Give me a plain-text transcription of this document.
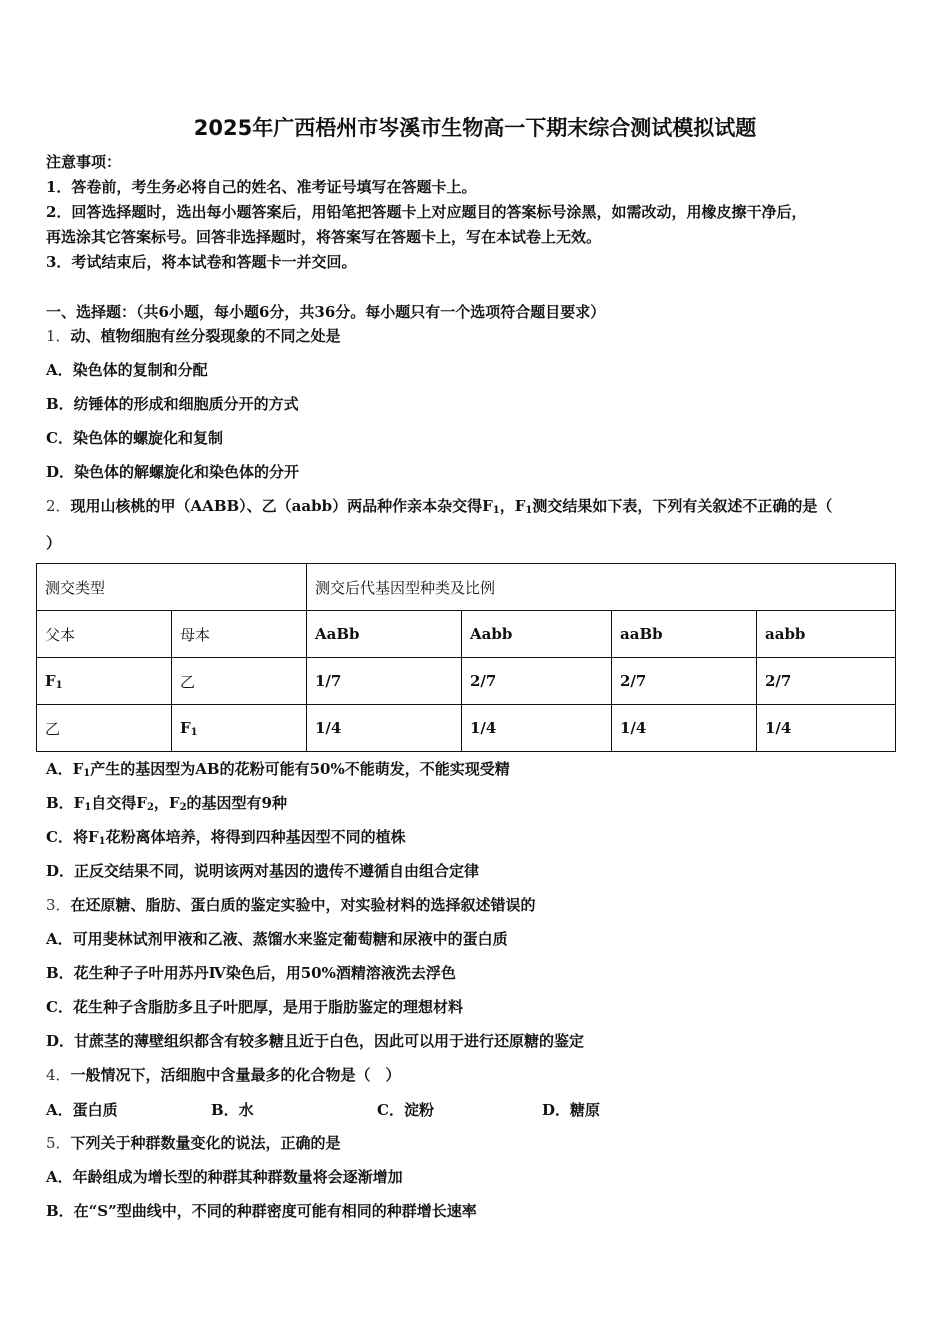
2025年广西梧州市岑溪市生物高一下期末综合测试模拟试题
注意事项：
1．答卷前，考生务必将自己的姓名、准考证号填写在答题卡上。
2．回答选择题时，选出每小题答案后，用铅笔把答题卡上对应题目的答案标号涂黑，如需改动，用橡皮擦干净后，
再选涂其它答案标号。回答非选择题时，将答案写在答题卡上，写在本试卷上无效。
3．考试结束后，将本试卷和答题卡一并交回。
一、选择题：（共6小题，每小题6分，共36分。每小题只有一个选项符合题目要求）
1．动、植物细胞有丝分裂现象的不同之处是
A．染色体的复制和分配
B．纺锤体的形成和细胞质分开的方式
C．染色体的螺旋化和复制
D．染色体的解螺旋化和染色体的分开
2．现用山核桃的甲（AABB）、乙（aabb）两品种作亲本杂交得$F_1$，$F_1$测交结果如下表，下列有关叙述不正确的是（
）
测交类型		测交后代基因型种类及比例			
父本	母本	AaBb	Aabb	aaBb	aabb
$F_1$	乙	1/7	2/7	2/7	2/7
乙	$F_1$	1/4	1/4	1/4	1/4
A．$F_1$产生的基因型为AB的花粉可能有50%不能萌发，不能实现受精
B．$F_1$自交得$F_2$，$F_2$的基因型有9种
C．将$F_1$花粉离体培养，将得到四种基因型不同的植株
D．正反交结果不同，说明该两对基因的遗传不遵循自由组合定律
3．在还原糖、脂肪、蛋白质的鉴定实验中，对实验材料的选择叙述错误的
A．可用斐林试剂甲液和乙液、蒸馏水来鉴定葡萄糖和尿液中的蛋白质
B．花生种子子叶用苏丹Ⅳ染色后，用50%酒精溶液洗去浮色
C．花生种子含脂肪多且子叶肥厚，是用于脂肪鉴定的理想材料
D．甘蔗茎的薄壁组织都含有较多糖且近于白色，因此可以用于进行还原糖的鉴定
4．一般情况下，活细胞中含量最多的化合物是（　）
A．蛋白质	B．水	C．淀粉	D．糖原
5．下列关于种群数量变化的说法，正确的是
A．年龄组成为增长型的种群其种群数量将会逐渐增加
B．在“S”型曲线中，不同的种群密度可能有相同的种群增长速率
